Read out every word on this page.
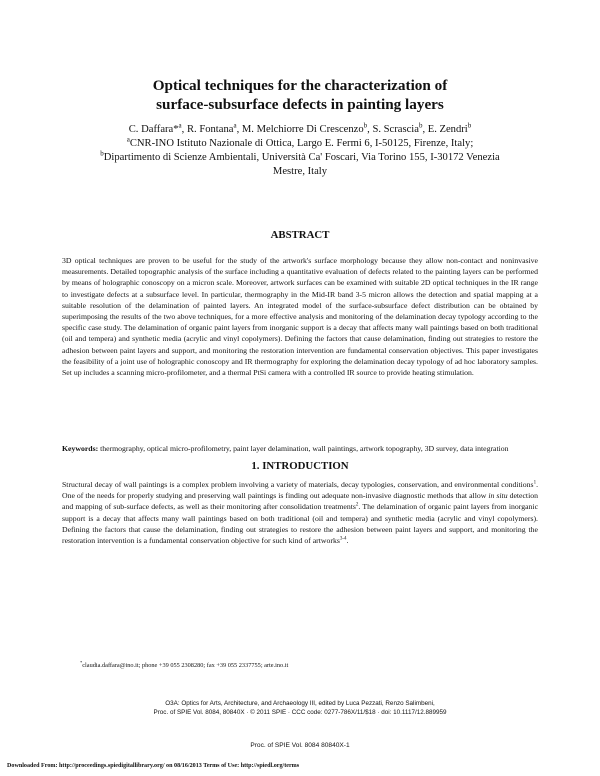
Optical techniques for the characterization of
surface-subsurface defects in painting layers
C. Daffara*$^a$, R. Fontana$^a$, M. Melchiorre Di Crescenzo$^b$, S. Scrascia$^b$, E. Zendri$^b$
$^a$CNR-INO Istituto Nazionale di Ottica, Largo E. Fermi 6, I-50125, Firenze, Italy;
$^b$Dipartimento di Scienze Ambientali, Università Ca' Foscari, Via Torino 155, I-30172 Venezia
Mestre, Italy
ABSTRACT

3D optical techniques are proven to be useful for the study of the artwork's surface morphology because they allow non-contact and noninvasive measurements. Detailed topographic analysis of the surface including a quantitative evaluation of defects related to the painting layers can be performed by means of holographic conoscopy on a micron scale. Moreover, artwork surfaces can be examined with suitable 2D optical techniques in the IR range to investigate defects at a subsurface level. In particular, thermography in the Mid-IR band 3-5 micron allows the detection and spatial mapping at a suitable resolution of the delamination of painted layers. An integrated model of the surface-subsurface defect distribution can be obtained by superimposing the results of the two above techniques, for a more effective analysis and monitoring of the delamination decay typology according to the specific case study. The delamination of organic paint layers from inorganic support is a decay that affects many wall paintings based on both traditional (oil and tempera) and synthetic media (acrylic and vinyl copolymers). Defining the factors that cause delamination, finding out strategies to restore the adhesion between paint layers and support, and monitoring the restoration intervention are fundamental conservation objectives. This paper investigates the feasibility of a joint use of holographic conoscopy and IR thermography for exploring the delamination decay typology of ad hoc laboratory samples. Set up includes a scanning micro-profilometer, and a thermal PtSi camera with a controlled IR source to provide heating stimulation.

Keywords: thermography, optical micro-profilometry, paint layer delamination, wall paintings, artwork topography, 3D survey, data integration
1. INTRODUCTION

Structural decay of wall paintings is a complex problem involving a variety of materials, decay typologies, conservation, and environmental conditions$^1$. One of the needs for properly studying and preserving wall paintings is finding out adequate non-invasive diagnostic methods that allow in situ detection and mapping of sub-surface defects, as well as their monitoring after consolidation treatments$^2$. The delamination of organic paint layers from inorganic support is a decay that affects many wall paintings based on both traditional (oil and tempera) and synthetic media (acrylic and vinyl copolymers). Defining the factors that cause the delamination, finding out strategies to restore the adhesion between paint layers and support, and monitoring the restoration intervention is a fundamental conservation objective for such kind of artworks$^{3-4}$.

*claudia.daffara@ino.it; phone +39 055 2308280; fax +39 055 2337755; arte.ino.it
O3A: Optics for Arts, Architecture, and Archaeology III, edited by Luca Pezzati, Renzo Salimbeni,
Proc. of SPIE Vol. 8084, 80840X · © 2011 SPIE · CCC code: 0277-786X/11/$18 · doi: 10.1117/12.889959
Proc. of SPIE Vol. 8084 80840X-1
Downloaded From: http://proceedings.spiedigitallibrary.org/ on 08/16/2013 Terms of Use: http://spiedl.org/terms
